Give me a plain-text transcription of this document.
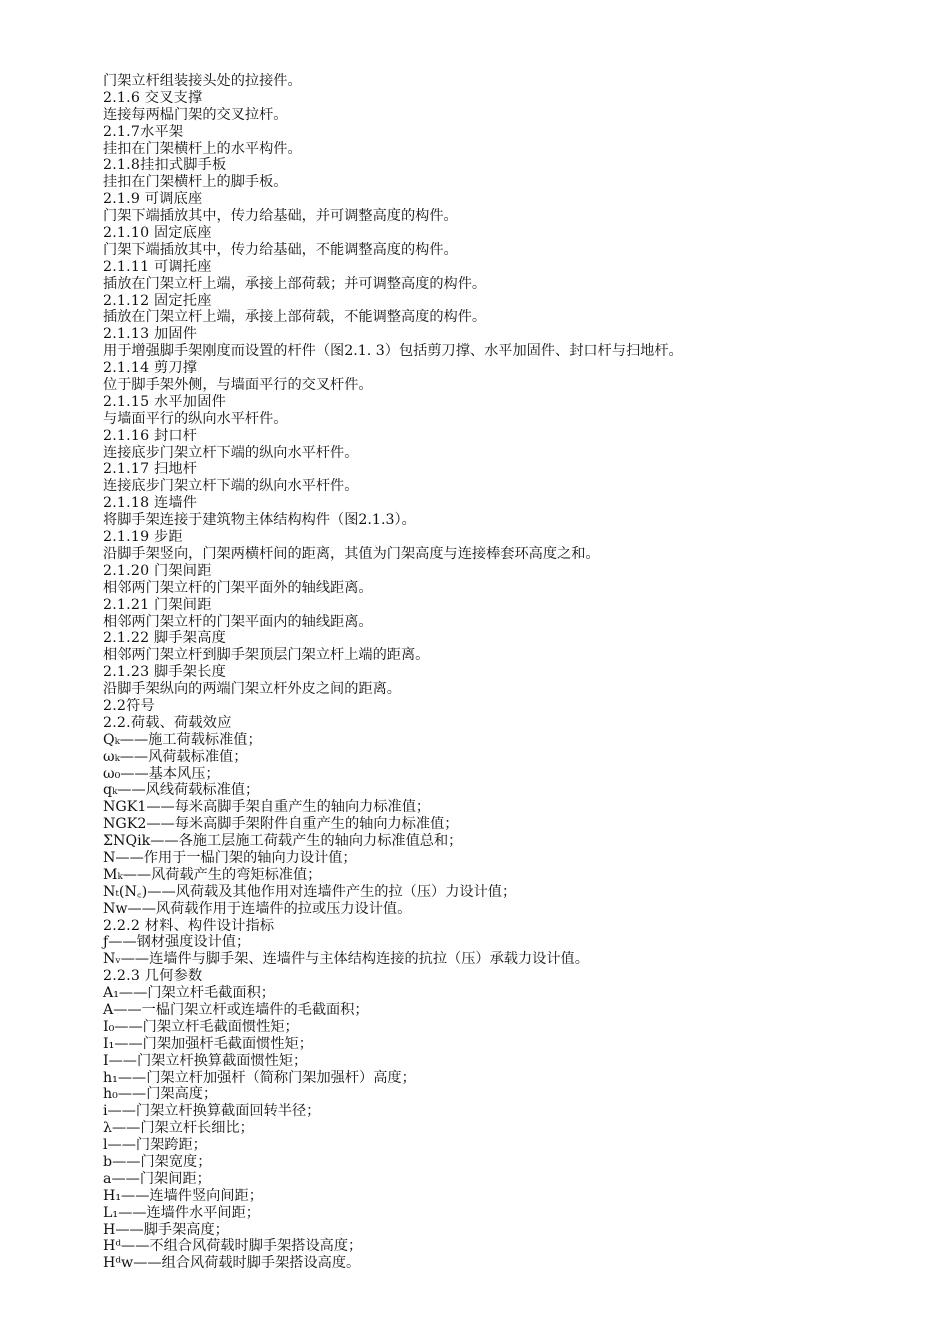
门架立杆组装接头处的拉接件。
2.1.6 交叉支撑
连接每两榀门架的交叉拉杆。
2.1.7水平架
挂扣在门架横杆上的水平构件。
2.1.8挂扣式脚手板
挂扣在门架横杆上的脚手板。
2.1.9 可调底座
门架下端插放其中，传力给基础，并可调整高度的构件。
2.1.10 固定底座
门架下端插放其中，传力给基础，不能调整高度的构件。
2.1.11 可调托座
插放在门架立杆上端，承接上部荷载；并可调整高度的构件。
2.1.12 固定托座
插放在门架立杆上端，承接上部荷载，不能调整高度的构件。
2.1.13 加固件
用于增强脚手架刚度而设置的杆件（图2.1. 3）包括剪刀撑、水平加固件、封口杆与扫地杆。
2.1.14 剪刀撑
位于脚手架外侧，与墙面平行的交叉杆件。
2.1.15 水平加固件
与墙面平行的纵向水平杆件。
2.1.16 封口杆
连接底步门架立杆下端的纵向水平杆件。
2.1.17 扫地杆
连接底步门架立杆下端的纵向水平杆件。
2.1.18 连墙件
将脚手架连接于建筑物主体结构构件（图2.1.3）。
2.1.19 步距
沿脚手架竖向，门架两横杆间的距离，其值为门架高度与连接棒套环高度之和。
2.1.20 门架间距
相邻两门架立杆的门架平面外的轴线距离。
2.1.21 门架间距
相邻两门架立杆的门架平面内的轴线距离。
2.1.22 脚手架高度
相邻两门架立杆到脚手架顶层门架立杆上端的距离。
2.1.23 脚手架长度
沿脚手架纵向的两端门架立杆外皮之间的距离。
2.2符号
2.2.荷载、荷载效应
Qₖ——施工荷载标准值；
ωₖ——风荷载标准值；
ω₀——基本风压；
qₖ——风线荷载标准值；
NGK1——每米高脚手架自重产生的轴向力标准值；
NGK2——每米高脚手架附件自重产生的轴向力标准值；
ΣNQik——各施工层施工荷载产生的轴向力标准值总和；
N——作用于一榀门架的轴向力设计值；
Mₖ——风荷载产生的弯矩标准值；
Nₜ(N꜀)——风荷载及其他作用对连墙件产生的拉（压）力设计值；
Nw——风荷载作用于连墙件的拉或压力设计值。
2.2.2 材料、构件设计指标
ƒ——钢材强度设计值；
Nᵥ——连墙件与脚手架、连墙件与主体结构连接的抗拉（压）承载力设计值。
2.2.3 几何参数
A₁——门架立杆毛截面积；
A——一榀门架立杆或连墙件的毛截面积；
I₀——门架立杆毛截面惯性矩；
I₁——门架加强杆毛截面惯性矩；
I——门架立杆换算截面惯性矩；
h₁——门架立杆加强杆（简称门架加强杆）高度；
h₀——门架高度；
i——门架立杆换算截面回转半径；
λ——门架立杆长细比；
l——门架跨距；
b——门架宽度；
a——门架间距；
H₁——连墙件竖向间距；
L₁——连墙件水平间距；
H——脚手架高度；
Hᵈ——不组合风荷载时脚手架搭设高度；
Hᵈw——组合风荷载时脚手架搭设高度。
